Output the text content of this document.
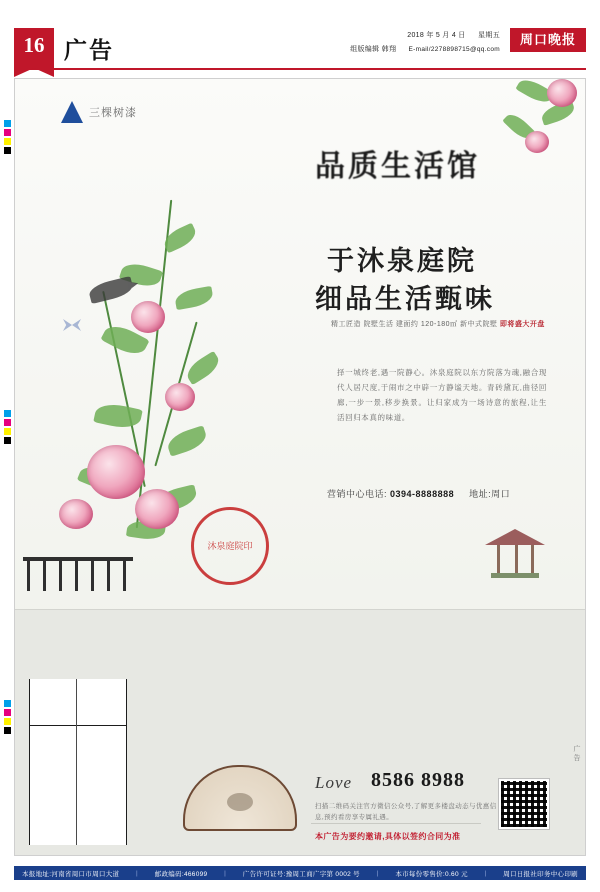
16 广告
2018 年 5 月 4 日 星期五
组版编辑 韩翔 E-mail/2278898715@qq.com
周口晚报
三棵树漆
品质生活馆
于沐泉庭院
细品生活甄味
精工匠造 院墅生活 建面约 120-180㎡ 新中式院墅 即将盛大开盘
择一城终老,遇一院静心。沐泉庭院以东方院落为魂,融合现代人居尺度,于闹市之中辟一方静谧天地。青砖黛瓦,曲径回廊,一步一景,移步换景。让归家成为一场诗意的旅程,让生活回归本真的味道。
营销中心电话: 0394-8888888 地址:周口
沐泉庭院印
Love 8586 8988
扫描二维码关注官方微信公众号,了解更多楼盘动态与优惠信息,预约看房享专属礼遇。
本广告为要约邀请,具体以签约合同为准
广告
本报地址:河南省周口市周口大道	|	邮政编码:466099	|	广告许可证号:豫周工商广字第 0002 号	|	本市每份零售价:0.60 元	|	周口日报社印务中心印刷
